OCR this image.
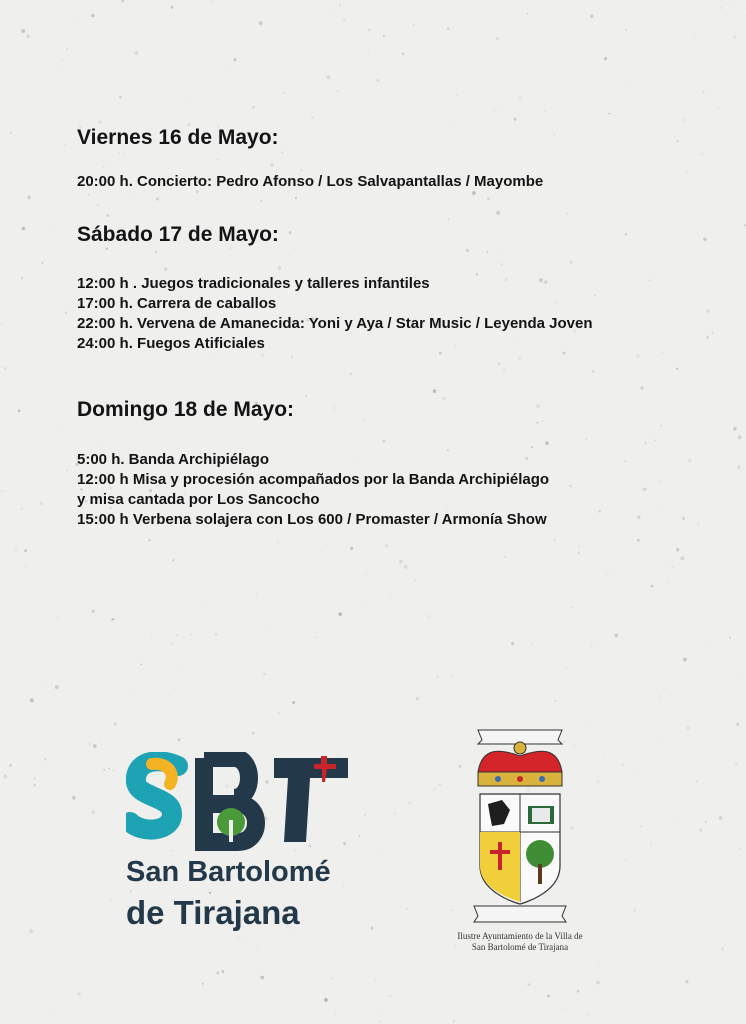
Viernes 16 de Mayo:

20:00 h. Concierto: Pedro Afonso / Los Salvapantallas / Mayombe

Sábado 17 de Mayo:

12:00 h . Juegos tradicionales y talleres infantiles

17:00 h. Carrera de caballos

22:00 h. Vervena de Amanecida: Yoni y Aya / Star Music / Leyenda Joven

24:00 h. Fuegos Atificiales

Domingo 18 de Mayo:

5:00 h. Banda Archipiélago

12:00 h Misa y procesión acompañados por la Banda Archipiélago

y misa cantada por Los Sancocho

15:00 h Verbena solajera con Los 600 / Promaster / Armonía Show

San Bartolomé
de Tirajana
Ilustre Ayuntamiento de la Villa de
San Bartolomé de Tirajana
